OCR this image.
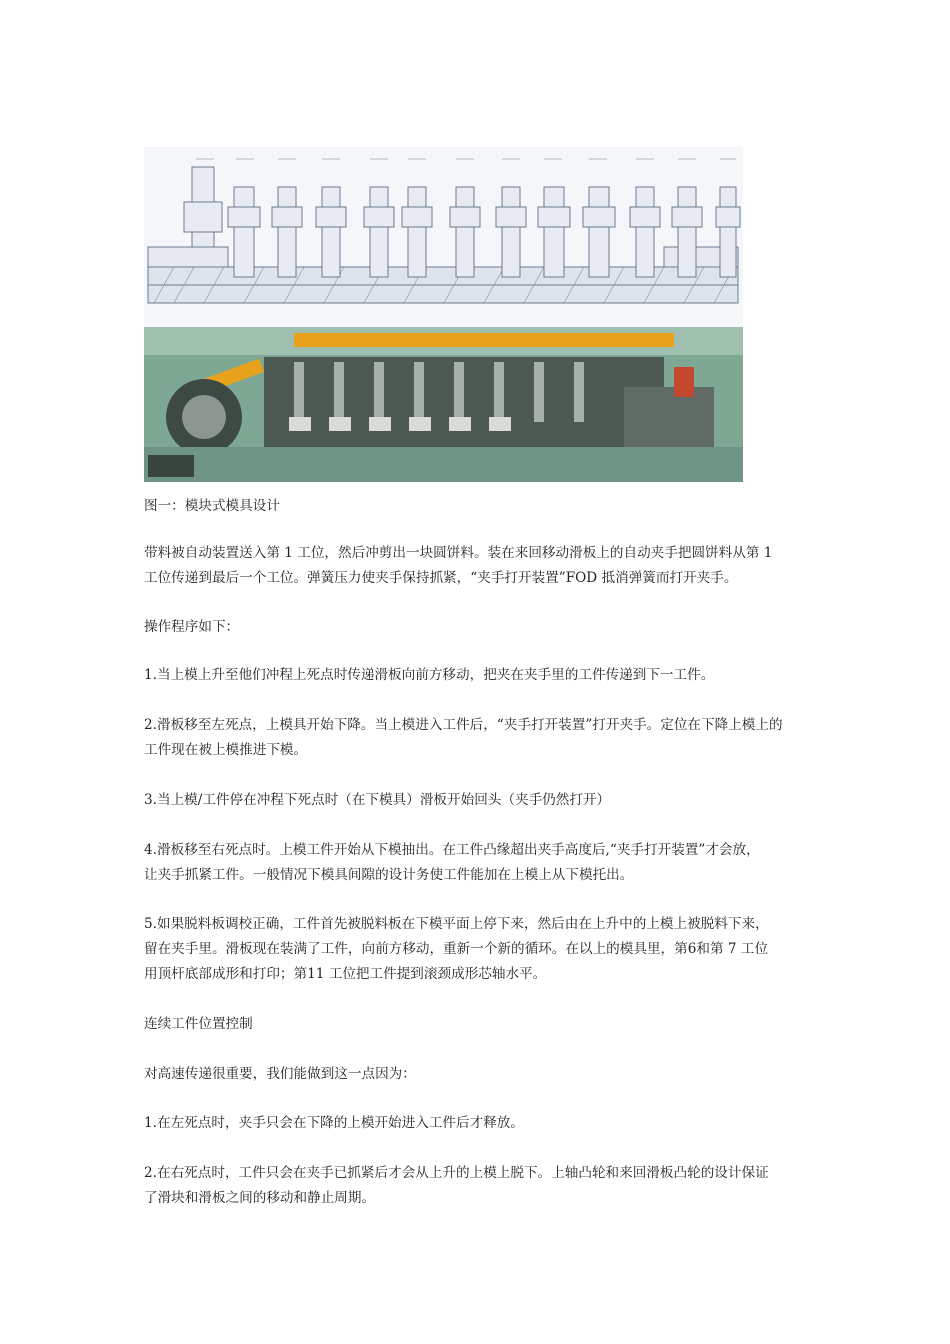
图一：模块式模具设计
带料被自动装置送入第 1 工位，然后冲剪出一块圆饼料。装在来回移动滑板上的自动夹手把圆饼料从第 1
工位传递到最后一个工位。弹簧压力使夹手保持抓紧，“夹手打开装置”FOD 抵消弹簧而打开夹手。
操作程序如下：
1.当上模上升至他们冲程上死点时传递滑板向前方移动，把夹在夹手里的工件传递到下一工件。
2.滑板移至左死点，上模具开始下降。当上模进入工件后，“夹手打开装置”打开夹手。定位在下降上模上的
工件现在被上模推进下模。
3.当上模/工件停在冲程下死点时（在下模具）滑板开始回头（夹手仍然打开）
4.滑板移至右死点时。上模工件开始从下模抽出。在工件凸缘超出夹手高度后,“夹手打开装置”才会放，
让夹手抓紧工件。一般情况下模具间隙的设计务使工件能加在上模上从下模托出。
5.如果脱料板调校正确，工件首先被脱料板在下模平面上停下来，然后由在上升中的上模上被脱料下来，
留在夹手里。滑板现在装满了工件，向前方移动，重新一个新的循环。在以上的模具里，第6和第 7 工位
用顶杆底部成形和打印；第11 工位把工件提到滚颈成形芯轴水平。
连续工件位置控制
对高速传递很重要，我们能做到这一点因为：
1.在左死点时，夹手只会在下降的上模开始进入工件后才释放。
2.在右死点时，工件只会在夹手已抓紧后才会从上升的上模上脱下。上轴凸轮和来回滑板凸轮的设计保证
了滑块和滑板之间的移动和静止周期。
